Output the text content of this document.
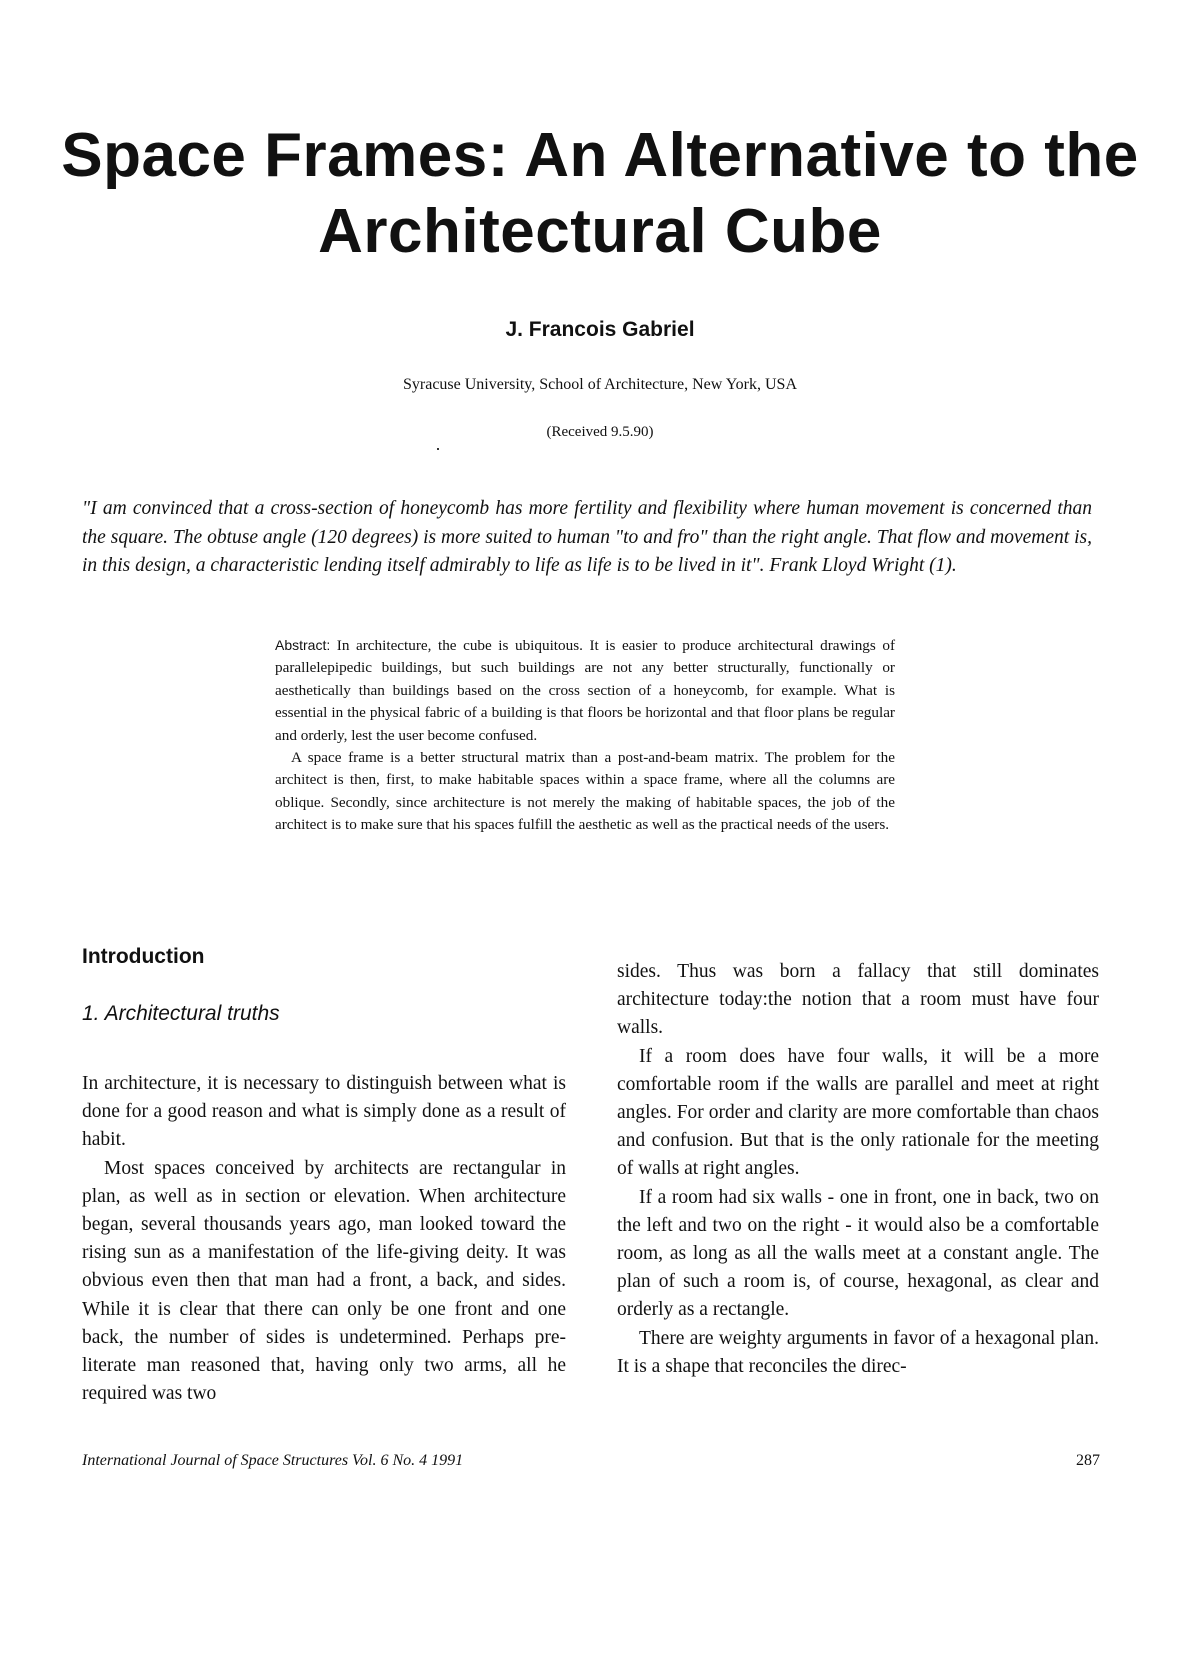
Space Frames: An Alternative to the Architectural Cube
J. Francois Gabriel
Syracuse University, School of Architecture, New York, USA
(Received 9.5.90)

"I am convinced that a cross-section of honeycomb has more fertility and flexibility where human movement is concerned than the square. The obtuse angle (120 degrees) is more suited to human "to and fro" than the right angle. That flow and movement is, in this design, a characteristic lending itself admirably to life as life is to be lived in it". Frank Lloyd Wright (1).

Abstract: In architecture, the cube is ubiquitous. It is easier to produce architectural drawings of parallelepipedic buildings, but such buildings are not any better structurally, functionally or aesthetically than buildings based on the cross section of a honeycomb, for example. What is essential in the physical fabric of a building is that floors be horizontal and that floor plans be regular and orderly, lest the user become confused.

A space frame is a better structural matrix than a post-and-beam matrix. The problem for the architect is then, first, to make habitable spaces within a space frame, where all the columns are oblique. Secondly, since architecture is not merely the making of habitable spaces, the job of the architect is to make sure that his spaces fulfill the aesthetic as well as the practical needs of the users.

Introduction
1. Architectural truths

In architecture, it is necessary to distinguish between what is done for a good reason and what is simply done as a result of habit.

Most spaces conceived by architects are rectangular in plan, as well as in section or elevation. When architecture began, several thousands years ago, man looked toward the rising sun as a manifestation of the life-giving deity. It was obvious even then that man had a front, a back, and sides. While it is clear that there can only be one front and one back, the number of sides is undetermined. Perhaps pre-literate man reasoned that, having only two arms, all he required was two

sides. Thus was born a fallacy that still dominates architecture today:the notion that a room must have four walls.

If a room does have four walls, it will be a more comfortable room if the walls are parallel and meet at right angles. For order and clarity are more comfortable than chaos and confusion. But that is the only rationale for the meeting of walls at right angles.

If a room had six walls - one in front, one in back, two on the left and two on the right - it would also be a comfortable room, as long as all the walls meet at a constant angle. The plan of such a room is, of course, hexagonal, as clear and orderly as a rectangle.

There are weighty arguments in favor of a hexagonal plan. It is a shape that reconciles the direc-

International Journal of Space Structures Vol. 6 No. 4 1991	287
